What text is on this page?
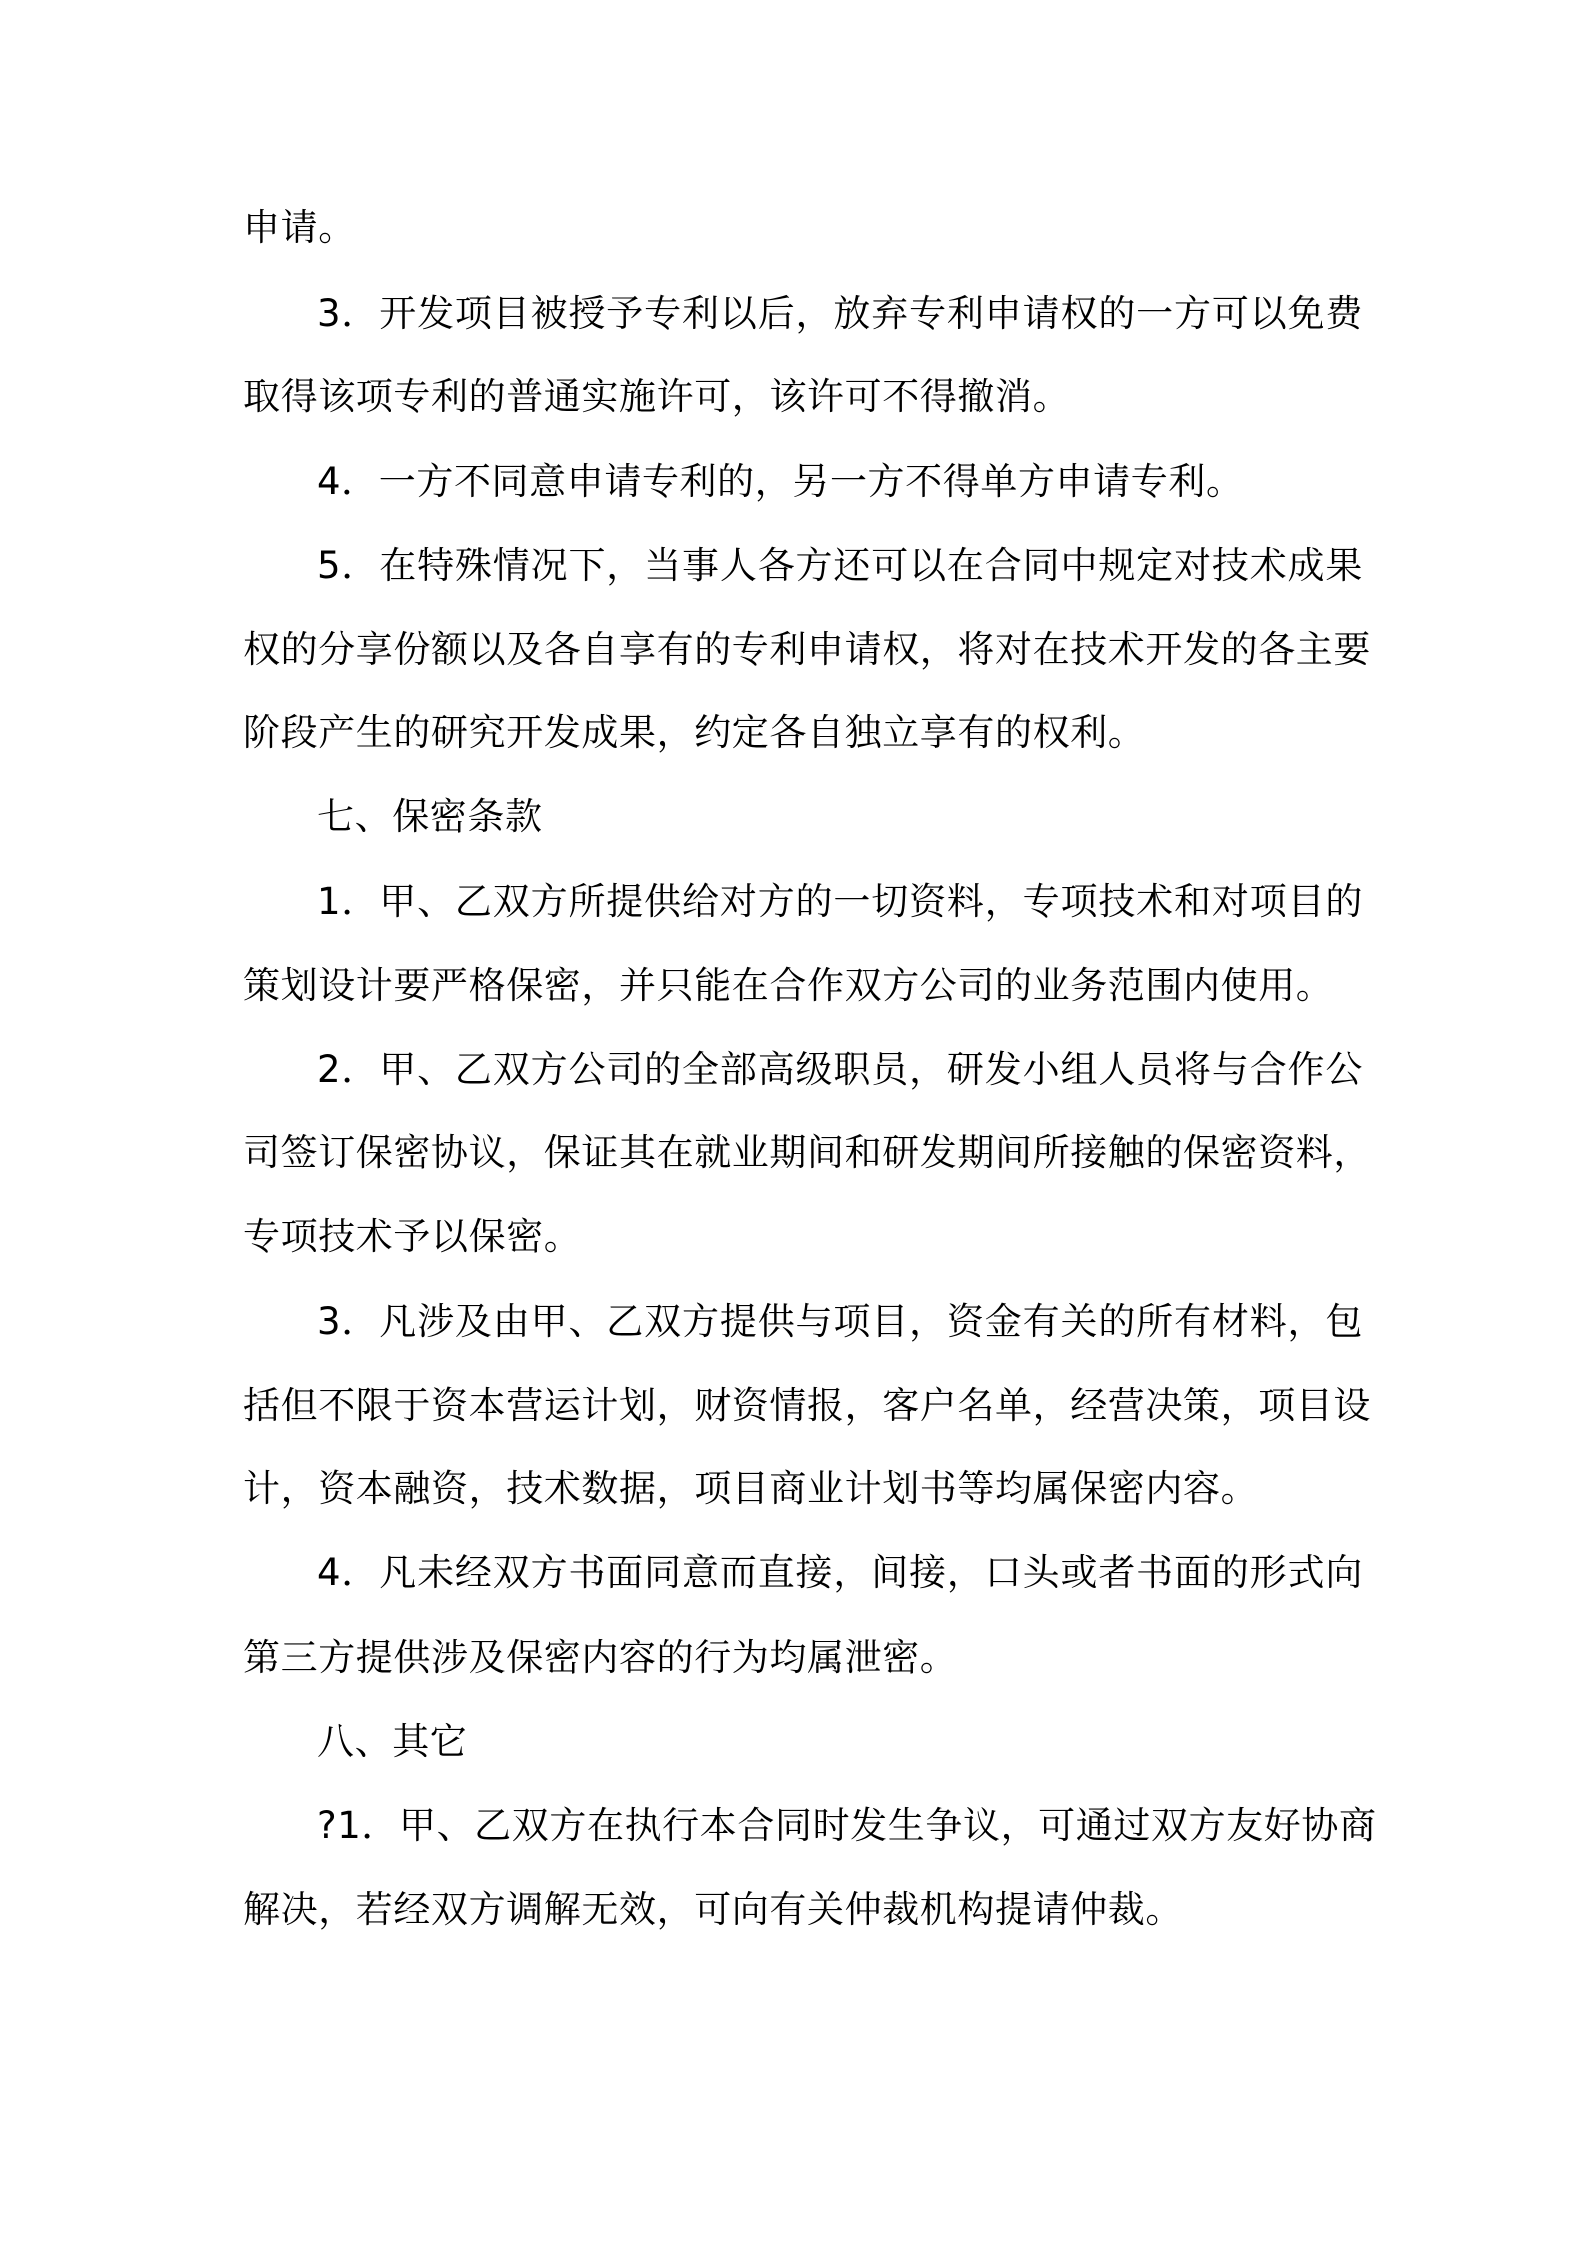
申请。

3．开发项目被授予专利以后，放弃专利申请权的一方可以免费

取得该项专利的普通实施许可，该许可不得撤消。

4．一方不同意申请专利的，另一方不得单方申请专利。

5．在特殊情况下，当事人各方还可以在合同中规定对技术成果

权的分享份额以及各自享有的专利申请权，将对在技术开发的各主要

阶段产生的研究开发成果，约定各自独立享有的权利。

七、保密条款

1．甲、乙双方所提供给对方的一切资料，专项技术和对项目的

策划设计要严格保密，并只能在合作双方公司的业务范围内使用。

2．甲、乙双方公司的全部高级职员，研发小组人员将与合作公

司签订保密协议，保证其在就业期间和研发期间所接触的保密资料，

专项技术予以保密。

3．凡涉及由甲、乙双方提供与项目，资金有关的所有材料，包

括但不限于资本营运计划，财资情报，客户名单，经营决策，项目设

计，资本融资，技术数据，项目商业计划书等均属保密内容。

4．凡未经双方书面同意而直接，间接，口头或者书面的形式向

第三方提供涉及保密内容的行为均属泄密。

八、其它

?1．甲、乙双方在执行本合同时发生争议，可通过双方友好协商

解决，若经双方调解无效，可向有关仲裁机构提请仲裁。
